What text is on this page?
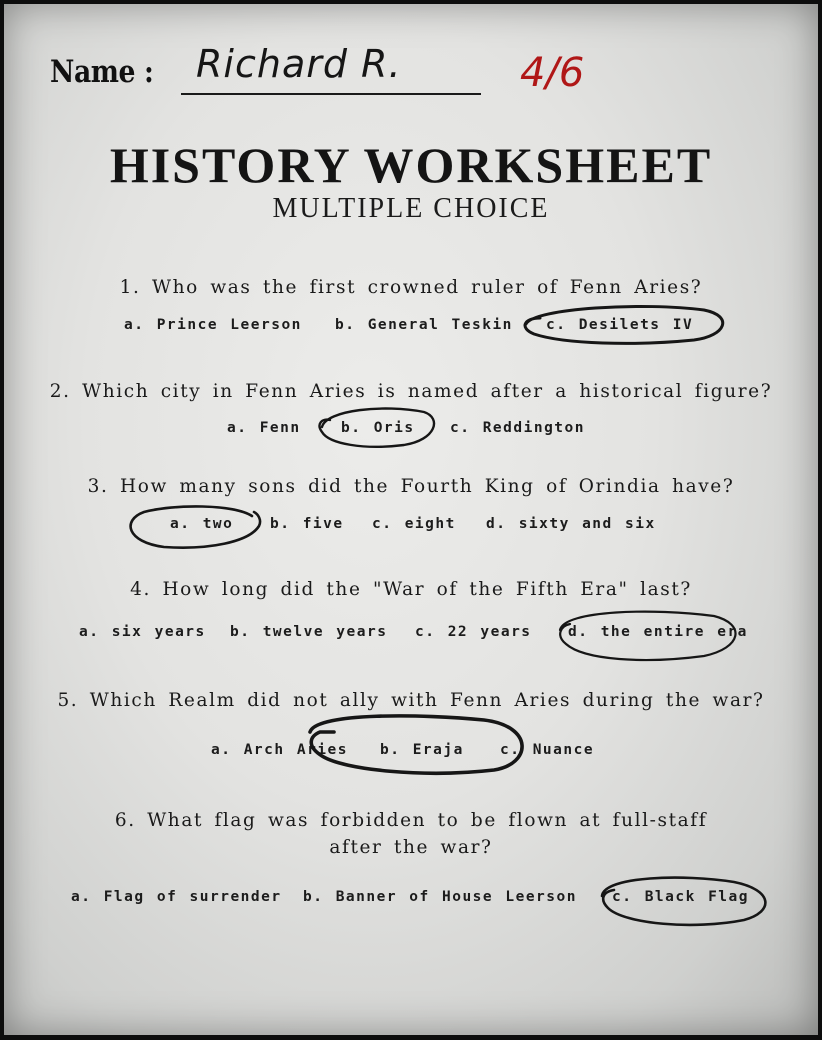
Name : Richard R.	4/6
HISTORY WORKSHEET
MULTIPLE CHOICE
1. Who was the first crowned ruler of Fenn Aries?
a. Prince Leerson b. General Teskin c. Desilets IV
2. Which city in Fenn Aries is named after a historical figure?
a. Fenn	b. Oris c. Reddington
3. How many sons did the Fourth King of Orindia have?
a. two	b. five c. eight d. sixty and six
4. How long did the "War of the Fifth Era" last?
a. six years b. twelve years c. 22 years	d. the entire era
5. Which Realm did not ally with Fenn Aries during the war?
a. Arch Aries b. Eraja c. Nuance
6. What flag was forbidden to be flown at full-staff
after the war?
a. Flag of surrender b. Banner of House Leerson c. Black Flag
